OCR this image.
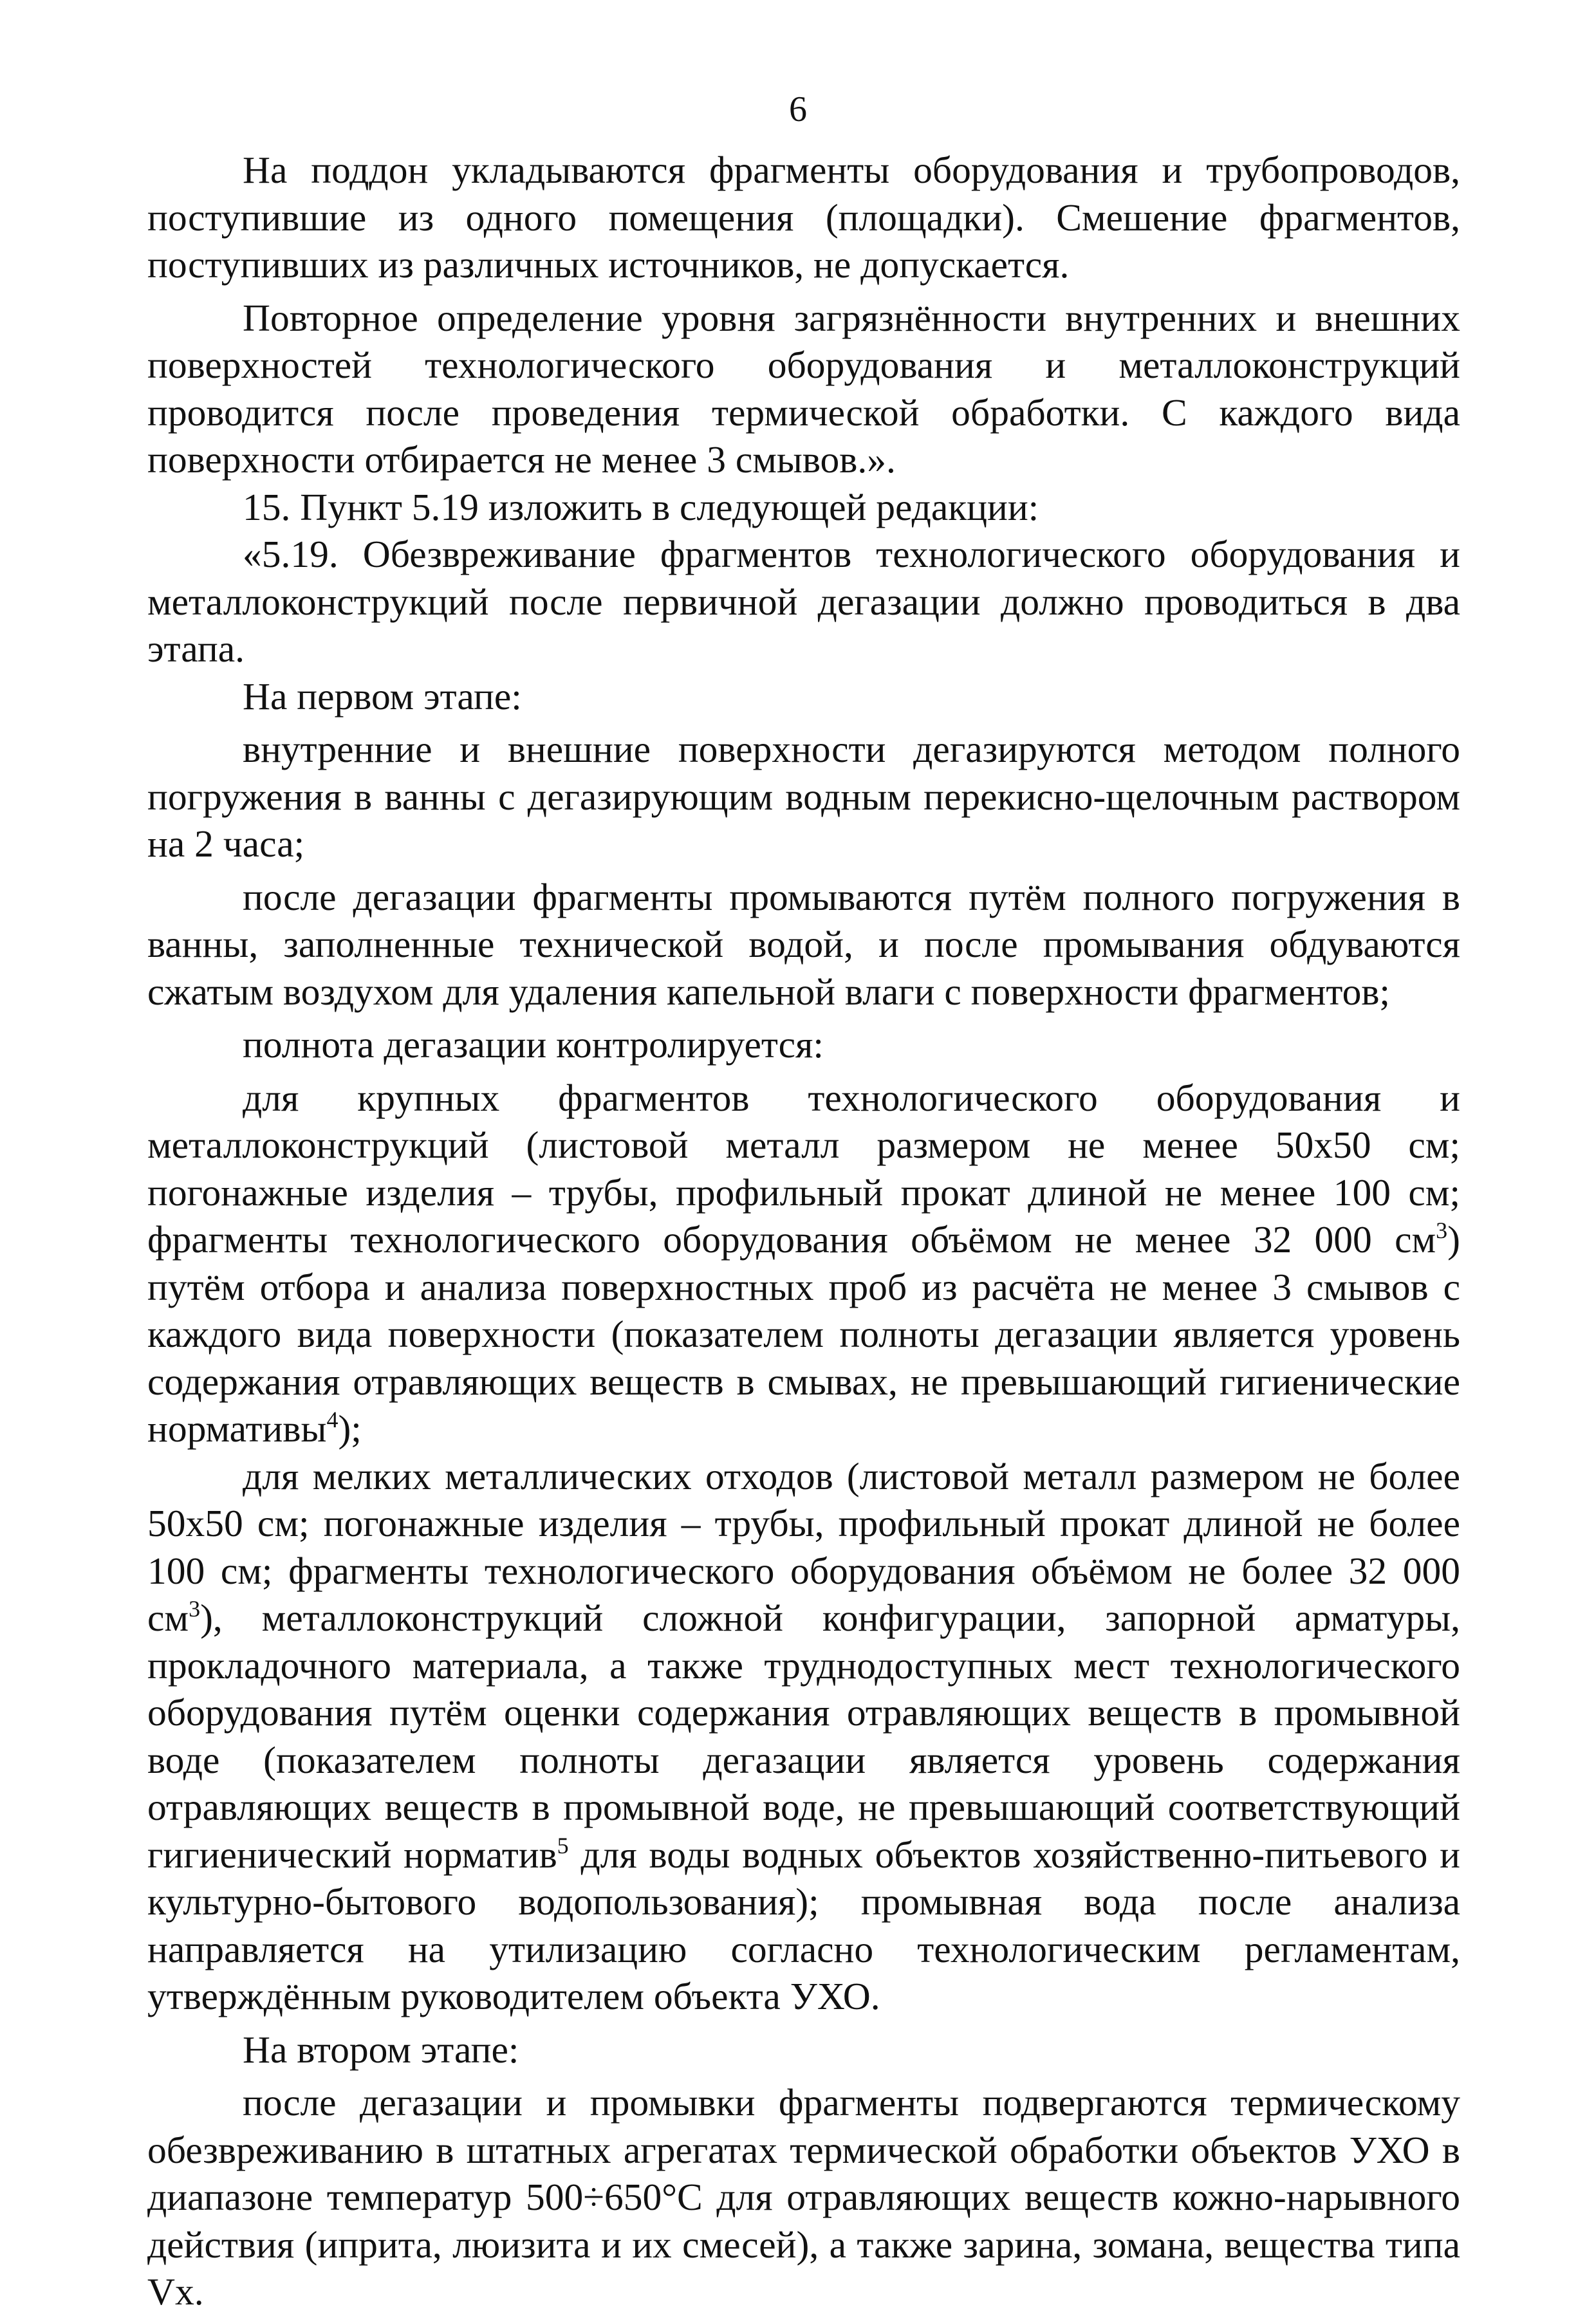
6

На поддон укладываются фрагменты оборудования и трубопроводов, поступившие из одного помещения (площадки). Смешение фрагментов, поступивших из различных источников, не допускается.

Повторное определение уровня загрязнённости внутренних и внешних поверхностей технологического оборудования и металлоконструкций проводится после проведения термической обработки. С каждого вида поверхности отбирается не менее 3 смывов.».

15. Пункт 5.19 изложить в следующей редакции:

«5.19. Обезвреживание фрагментов технологического оборудования и металлоконструкций после первичной дегазации должно проводиться в два этапа.

На первом этапе:

внутренние и внешние поверхности дегазируются методом полного погружения в ванны с дегазирующим водным перекисно-щелочным раствором на 2 часа;

после дегазации фрагменты промываются путём полного погружения в ванны, заполненные технической водой, и после промывания обдуваются сжатым воздухом для удаления капельной влаги с поверхности фрагментов;

полнота дегазации контролируется:

для крупных фрагментов технологического оборудования и металлоконструкций (листовой металл размером не менее 50х50 см; погонажные изделия – трубы, профильный прокат длиной не менее 100 см; фрагменты технологического оборудования объёмом не менее 32 000 $см^3$) путём отбора и анализа поверхностных проб из расчёта не менее 3 смывов с каждого вида поверхности (показателем полноты дегазации является уровень содержания отравляющих веществ в смывах, не превышающий гигиенические нормативы$^4$);

для мелких металлических отходов (листовой металл размером не более 50х50 см; погонажные изделия – трубы, профильный прокат длиной не более 100 см; фрагменты технологического оборудования объёмом не более 32 000 $см^3$), металлоконструкций сложной конфигурации, запорной арматуры, прокладочного материала, а также труднодоступных мест технологического оборудования путём оценки содержания отравляющих веществ в промывной воде (показателем полноты дегазации является уровень содержания отравляющих веществ в промывной воде, не превышающий соответствующий гигиенический норматив$^5$ для воды водных объектов хозяйственно-питьевого и культурно-бытового водопользования); промывная вода после анализа направляется на утилизацию согласно технологическим регламентам, утверждённым руководителем объекта УХО.

На втором этапе:

после дегазации и промывки фрагменты подвергаются термическому обезвреживанию в штатных агрегатах термической обработки объектов УХО в диапазоне температур 500÷650°С для отравляющих веществ кожно-нарывного действия (иприта, люизита и их смесей), а также зарина, зомана, вещества типа Vх.
